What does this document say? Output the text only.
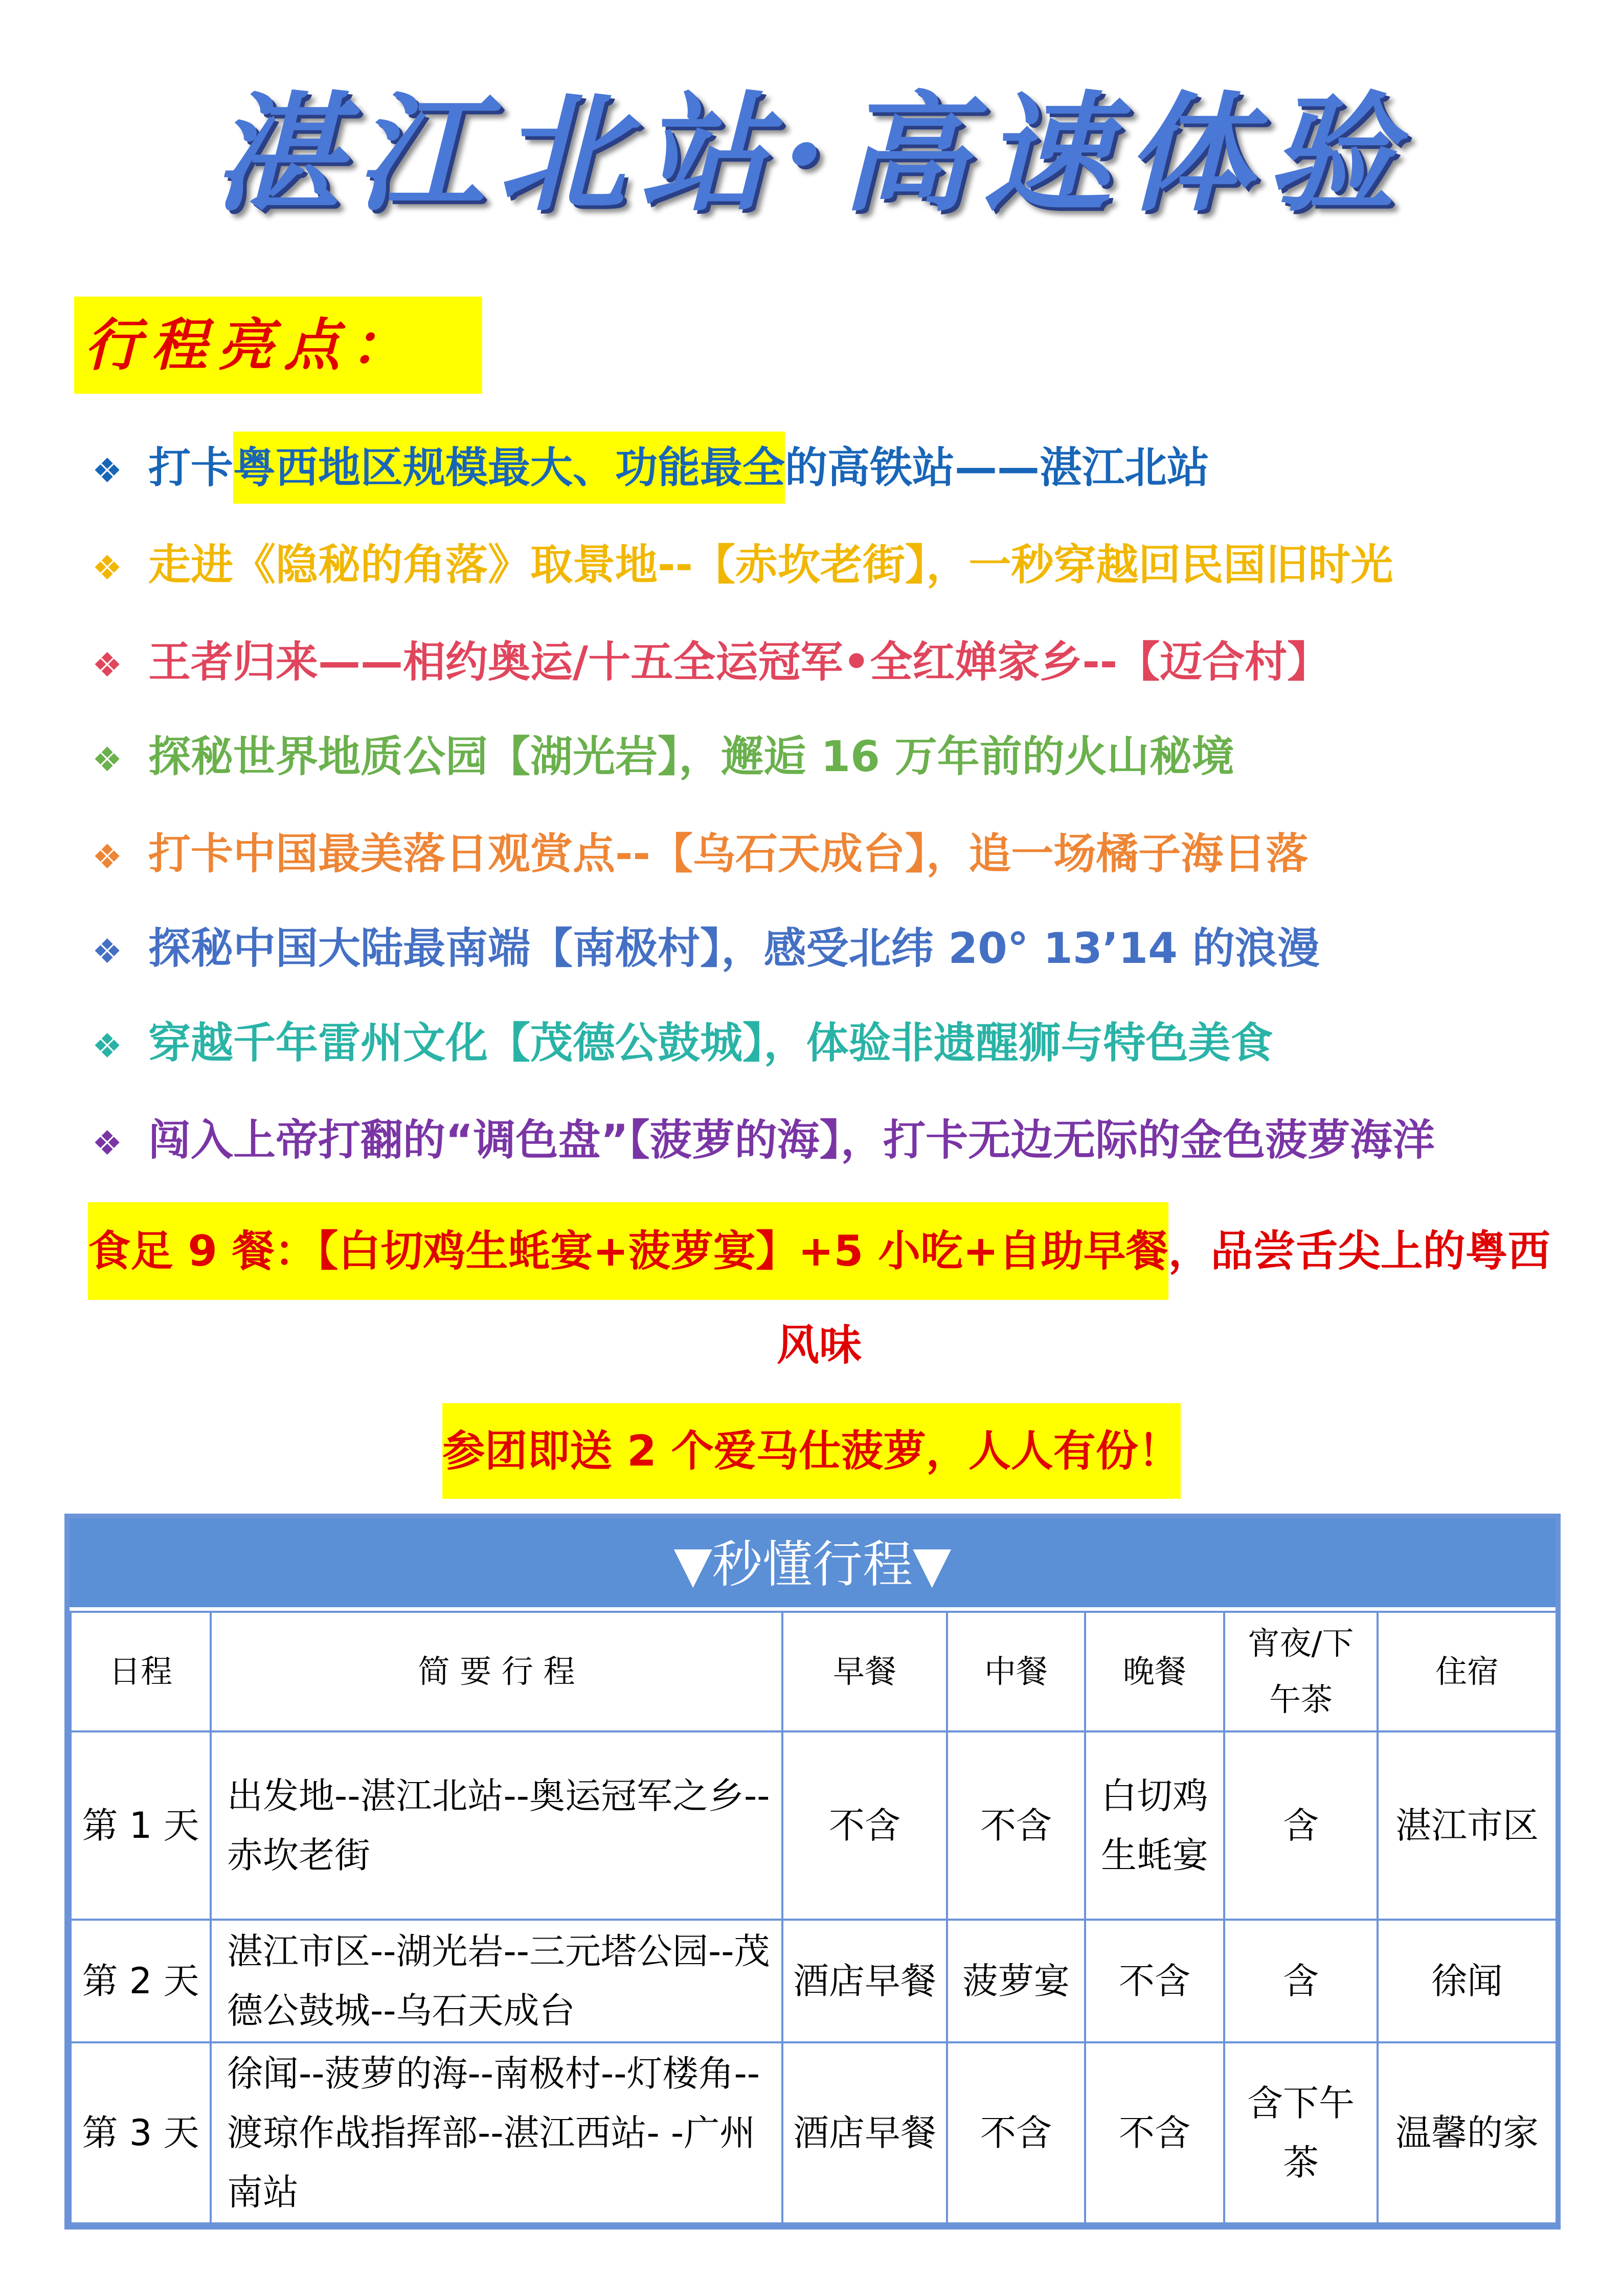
湛江北站·高速体验
行程亮点：
❖ 打卡粤西地区规模最大、功能最全的高铁站——湛江北站
❖ 走进《隐秘的角落》取景地--【赤坎老街】，一秒穿越回民国旧时光
❖ 王者归来——相约奥运/十五全运冠军•全红婵家乡--【迈合村】
❖ 探秘世界地质公园【湖光岩】，邂逅 16 万年前的火山秘境
❖ 打卡中国最美落日观赏点--【乌石天成台】，追一场橘子海日落
❖ 探秘中国大陆最南端【南极村】，感受北纬 20° 13’14 的浪漫
❖ 穿越千年雷州文化【茂德公鼓城】，体验非遗醒狮与特色美食
❖ 闯入上帝打翻的“调色盘”【菠萝的海】，打卡无边无际的金色菠萝海洋
食足 9 餐：【白切鸡生蚝宴+菠萝宴】+5 小吃+自助早餐，品尝舌尖上的粤西风味
参团即送 2 个爱马仕菠萝，人人有份！
▼秒懂行程▼
日程	简 要 行 程	早餐	中餐	晚餐	宵夜/下午茶	住宿
第 1 天	出发地--湛江北站--奥运冠军之乡--赤坎老街	不含	不含	白切鸡生蚝宴	含	湛江市区
第 2 天	湛江市区--湖光岩--三元塔公园--茂德公鼓城--乌石天成台	酒店早餐	菠萝宴	不含	含	徐闻
第 3 天	徐闻--菠萝的海--南极村--灯楼角--渡琼作战指挥部--湛江西站- -广州南站	酒店早餐	不含	不含	含下午茶	温馨的家
